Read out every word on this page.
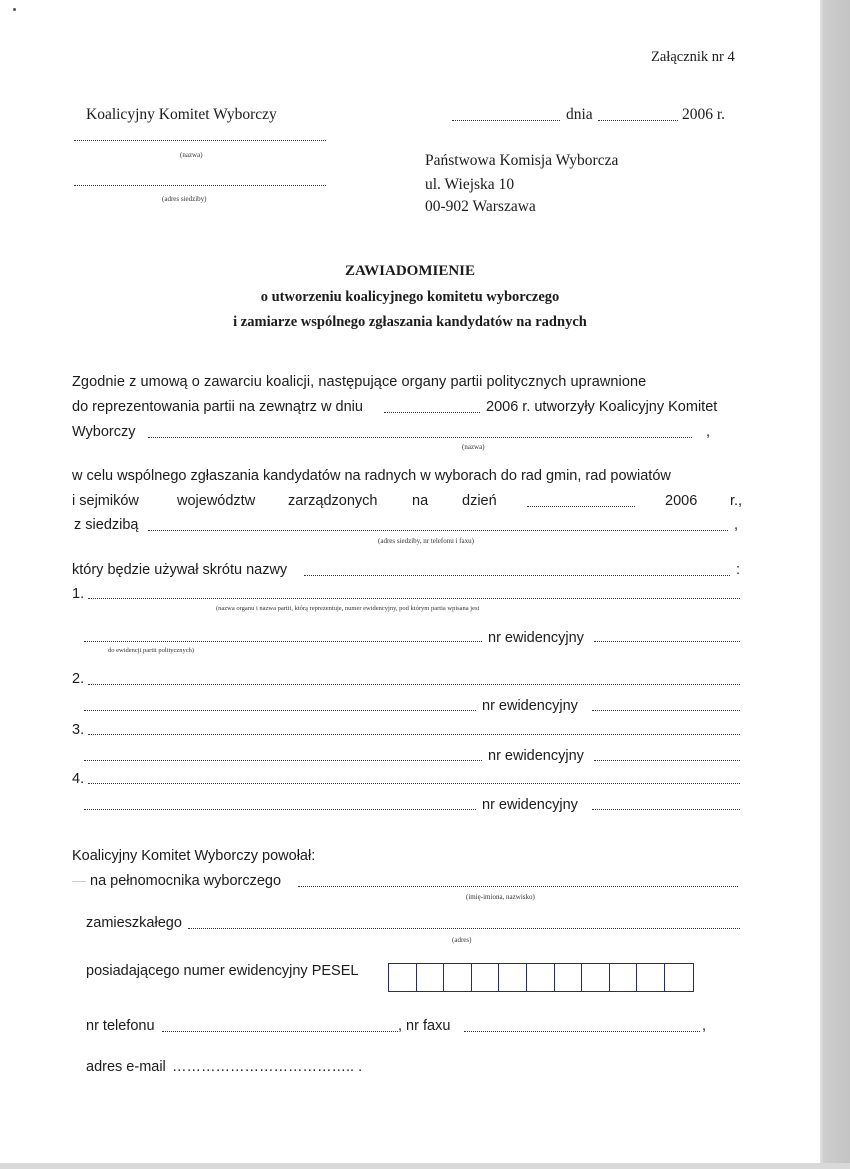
Załącznik nr 4
Koalicyjny Komitet Wyborczy
(nazwa)
(adres siedziby)
dnia	2006 r.
Państwowa Komisja Wyborcza
ul. Wiejska 10
00-902 Warszawa
ZAWIADOMIENIE
o utworzeniu koalicyjnego komitetu wyborczego
i zamiarze wspólnego zgłaszania kandydatów na radnych
Zgodnie z umową o zawarciu koalicji, następujące organy partii politycznych uprawnione
do reprezentowania partii na zewnątrz w dniu	2006 r. utworzyły Koalicyjny Komitet
Wyborczy	,
(nazwa)
w celu wspólnego zgłaszania kandydatów na radnych w wyborach do rad gmin, rad powiatów
i sejmików	województw zarządzonych na dzień	2006 r.,
z siedzibą	,
(adres siedziby, nr telefonu i faxu)
który będzie używał skrótu nazwy	:
1.
(nazwa organu i nazwa partii, którą reprezentuje, numer ewidencyjny, pod którym partia wpisana jest
nr ewidencyjny
do ewidencji partii politycznych)
2.
nr ewidencyjny
3.
nr ewidencyjny
4.
nr ewidencyjny
Koalicyjny Komitet Wyborczy powołał:
na pełnomocnika wyborczego
(imię-imiona, nazwisko)
zamieszkałego
(adres)
posiadającego numer ewidencyjny PESEL
nr telefonu	, nr faxu	,
adres e-mail ……………………………….. .
